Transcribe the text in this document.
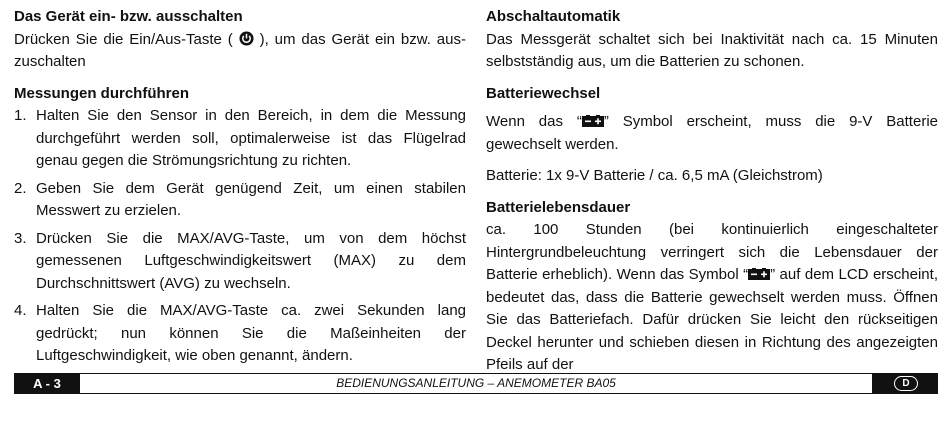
Das Gerät ein- bzw. ausschalten

Drücken Sie die Ein/Aus-Taste (  ), um das Gerät ein bzw. auszuschalten

Messungen durchführen
1. Halten Sie den Sensor in den Bereich, in dem die Messung durchgeführt werden soll, optimalerweise ist das Flügelrad genau gegen die Strömungsrichtung zu richten.
2. Geben Sie dem Gerät genügend Zeit, um einen stabilen Messwert zu erzielen.
3. Drücken Sie die MAX/AVG-Taste, um von dem höchst gemessenen Luftgeschwindigkeitswert (MAX) zu dem Durchschnittswert (AVG) zu wechseln.
4. Halten Sie die MAX/AVG-Taste ca. zwei Sekunden lang gedrückt; nun können Sie die Maßeinheiten der Luftgeschwindigkeit, wie oben genannt, ändern.
Abschaltautomatik

Das Messgerät schaltet sich bei Inaktivität nach ca. 15 Minuten selbstständig aus, um die Batterien zu schonen.

Batteriewechsel

Wenn das “ ” Symbol erscheint, muss die 9-V Batterie gewechselt werden.

Batterie: 1x 9-V Batterie / ca. 6,5 mA (Gleichstrom)

Batterielebensdauer

ca. 100 Stunden (bei kontinuierlich eingeschalteter Hintergrundbeleuchtung verringert sich die Lebensdauer der Batterie erheblich). Wenn das Symbol “ ” auf dem LCD erscheint, bedeutet das, dass die Batterie gewechselt werden muss. Öffnen Sie das Batteriefach. Dafür drücken Sie leicht den rückseitigen Deckel herunter und schieben diesen in Richtung des angezeigten Pfeils auf der

A - 3	BEDIENUNGSANLEITUNG – ANEMOMETER BA05	D
